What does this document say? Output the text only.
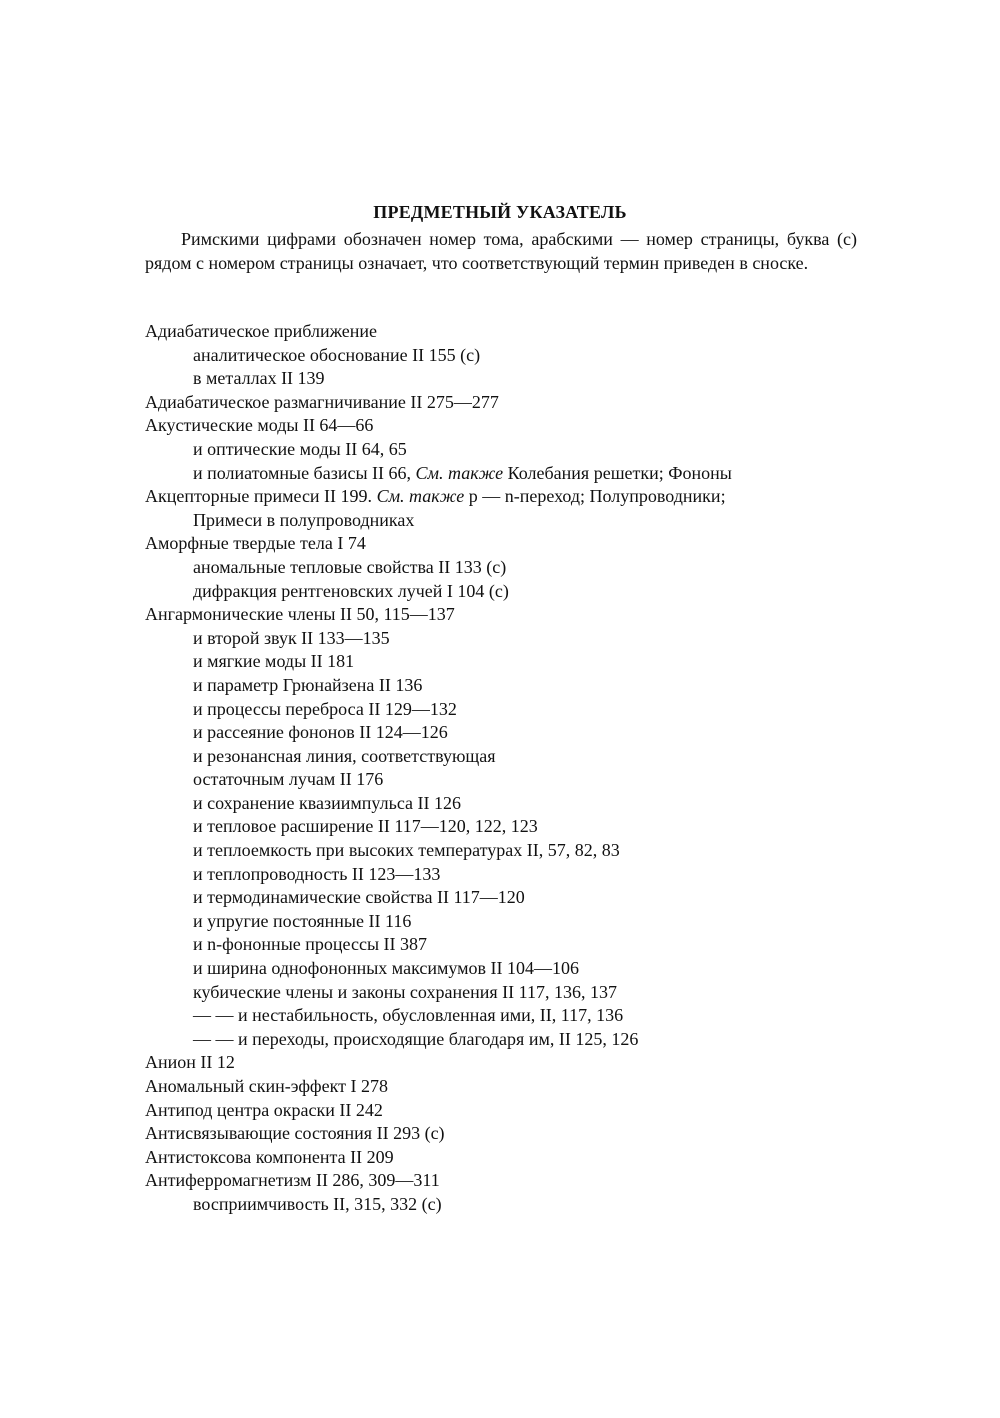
ПРЕДМЕТНЫЙ УКАЗАТЕЛЬ
Римскими цифрами обозначен номер тома, арабскими — номер страницы, буква (с) рядом с номером страницы означает, что соответствующий термин приведен в сноске.
Адиабатическое приближение
аналитическое обоснование II 155 (с)
в металлах II 139
Адиабатическое размагничивание II 275—277
Акустические моды II 64—66
и оптические моды II 64, 65
и полиатомные базисы II 66, См. также Колебания решетки; Фононы
Акцепторные примеси II 199. См. также p — n-переход; Полупроводники;
Примеси в полупроводниках
Аморфные твердые тела I 74
аномальные тепловые свойства II 133 (с)
дифракция рентгеновских лучей I 104 (с)
Ангармонические члены II 50, 115—137
и второй звук II 133—135
и мягкие моды II 181
и параметр Грюнайзена II 136
и процессы переброса II 129—132
и рассеяние фононов II 124—126
и резонансная линия, соответствующая
остаточным лучам II 176
и сохранение квазиимпульса II 126
и тепловое расширение II 117—120, 122, 123
и теплоемкость при высоких температурах II, 57, 82, 83
и теплопроводность II 123—133
и термодинамические свойства II 117—120
и упругие постоянные II 116
и n-фононные процессы II 387
и ширина однофононных максимумов II 104—106
кубические члены и законы сохранения II 117, 136, 137
— — и нестабильность, обусловленная ими, II, 117, 136
— — и переходы, происходящие благодаря им, II 125, 126
Анион II 12
Аномальный скин-эффект I 278
Антипод центра окраски II 242
Антисвязывающие состояния II 293 (с)
Антистоксова компонента II 209
Антиферромагнетизм II 286, 309—311
восприимчивость II, 315, 332 (с)
